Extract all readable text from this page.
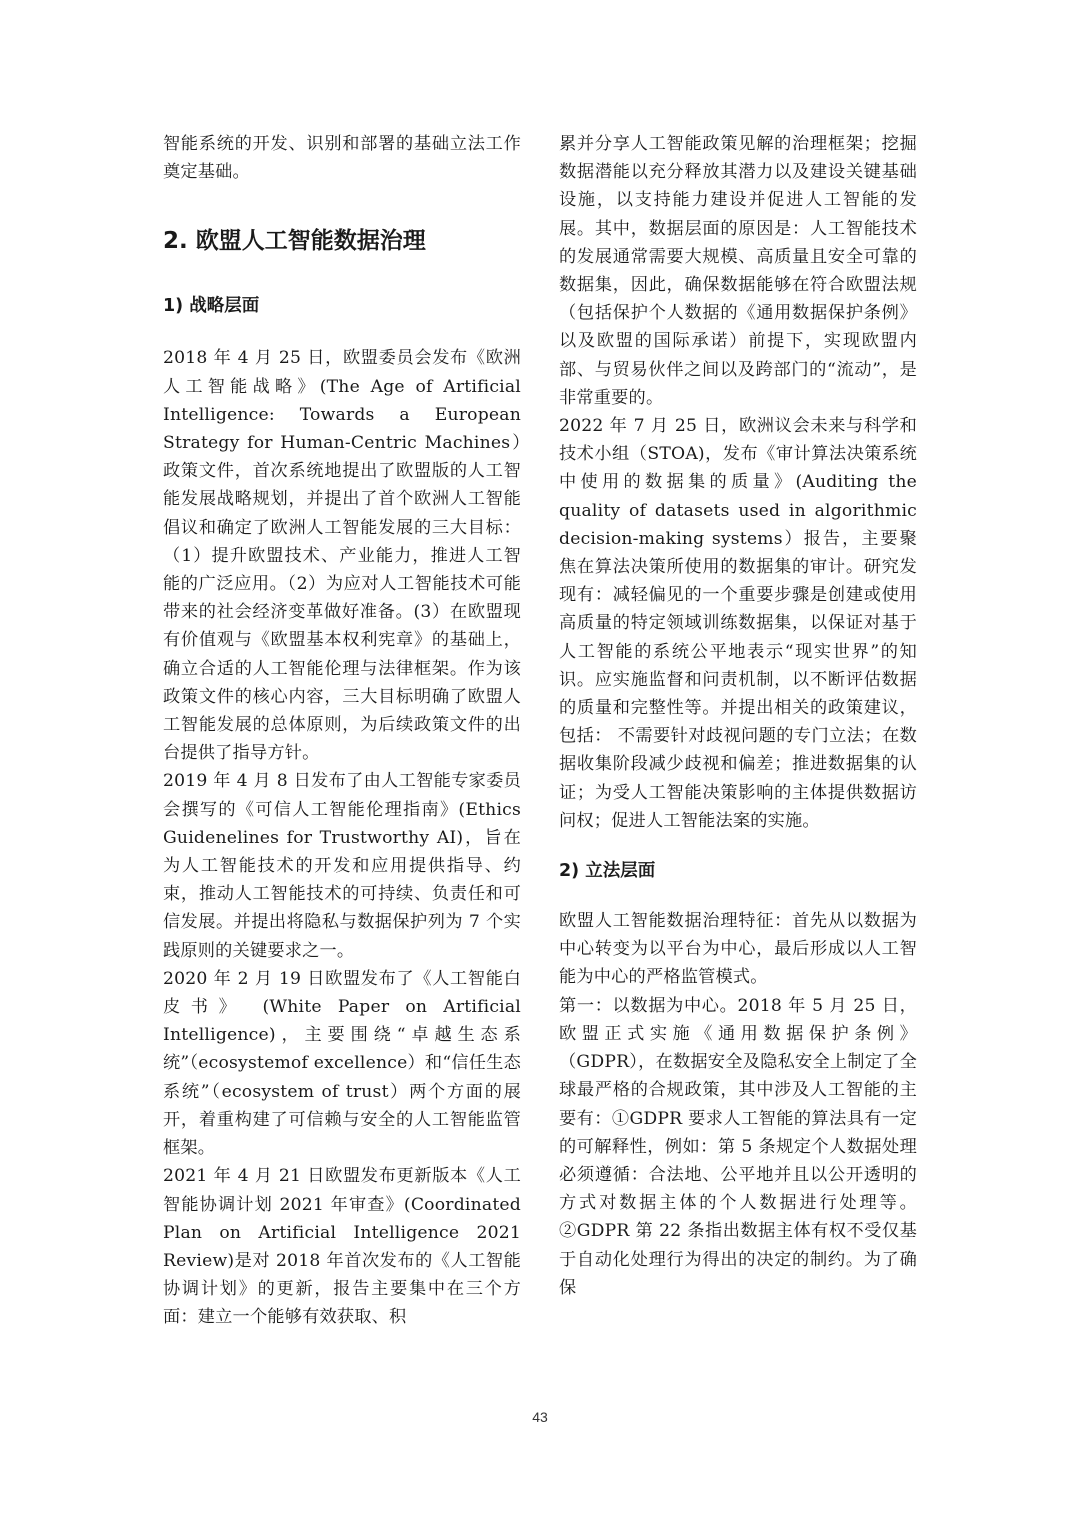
智能系统的开发、识别和部署的基础立法工作奠定基础。

2. 欧盟人工智能数据治理
1) 战略层面

2018 年 4 月 25 日，欧盟委员会发布《欧洲人工智能战略》(The Age of Artificial Intelligence: Towards a European Strategy for Human-Centric Machines）政策文件，首次系统地提出了欧盟版的人工智能发展战略规划，并提出了首个欧洲人工智能倡议和确定了欧洲人工智能发展的三大目标：（1）提升欧盟技术、产业能力，推进人工智能的广泛应用。（2）为应对人工智能技术可能带来的社会经济变革做好准备。(3）在欧盟现有价值观与《欧盟基本权利宪章》的基础上，确立合适的人工智能伦理与法律框架。作为该政策文件的核心内容，三大目标明确了欧盟人工智能发展的总体原则，为后续政策文件的出台提供了指导方针。

2019 年 4 月 8 日发布了由人工智能专家委员会撰写的《可信人工智能伦理指南》(Ethics Guidenelines for Trustworthy AI)，旨在为人工智能技术的开发和应用提供指导、约束，推动人工智能技术的可持续、负责任和可信发展。并提出将隐私与数据保护列为 7 个实践原则的关键要求之一。

2020 年 2 月 19 日欧盟发布了《人工智能白皮书》 (White Paper on Artificial Intelligence)，主要围绕“卓越生态系统”（ecosystemof excellence）和“信任生态系统”（ecosystem of trust）两个方面的展开，着重构建了可信赖与安全的人工智能监管框架。

2021 年 4 月 21 日欧盟发布更新版本《人工智能协调计划 2021 年审查》(Coordinated Plan on Artificial Intelligence 2021 Review)是对 2018 年首次发布的《人工智能协调计划》的更新，报告主要集中在三个方面：建立一个能够有效获取、积

累并分享人工智能政策见解的治理框架；挖掘数据潜能以充分释放其潜力以及建设关键基础设施，以支持能力建设并促进人工智能的发展。其中，数据层面的原因是：人工智能技术的发展通常需要大规模、高质量且安全可靠的数据集，因此，确保数据能够在符合欧盟法规（包括保护个人数据的《通用数据保护条例》以及欧盟的国际承诺）前提下，实现欧盟内部、与贸易伙伴之间以及跨部门的“流动”，是非常重要的。

2022 年 7 月 25 日，欧洲议会未来与科学和技术小组（STOA)，发布《审计算法决策系统中使用的数据集的质量》(Auditing the quality of datasets used in algorithmic decision-making systems）报告，主要聚焦在算法决策所使用的数据集的审计。研究发现有：减轻偏见的一个重要步骤是创建或使用高质量的特定领域训练数据集，以保证对基于人工智能的系统公平地表示“现实世界”的知识。应实施监督和问责机制，以不断评估数据的质量和完整性等。并提出相关的政策建议，包括： 不需要针对歧视问题的专门立法；在数据收集阶段减少歧视和偏差；推进数据集的认证；为受人工智能决策影响的主体提供数据访问权；促进人工智能法案的实施。

2) 立法层面

欧盟人工智能数据治理特征：首先从以数据为中心转变为以平台为中心，最后形成以人工智能为中心的严格监管模式。

第一：以数据为中心。2018 年 5 月 25 日，欧盟正式实施《通用数据保护条例》（GDPR），在数据安全及隐私安全上制定了全球最严格的合规政策，其中涉及人工智能的主要有：①GDPR 要求人工智能的算法具有一定的可解释性，例如：第 5 条规定个人数据处理必须遵循：合法地、公平地并且以公开透明的方式对数据主体的个人数据进行处理等。②GDPR 第 22 条指出数据主体有权不受仅基于自动化处理行为得出的决定的制约。为了确保

43
